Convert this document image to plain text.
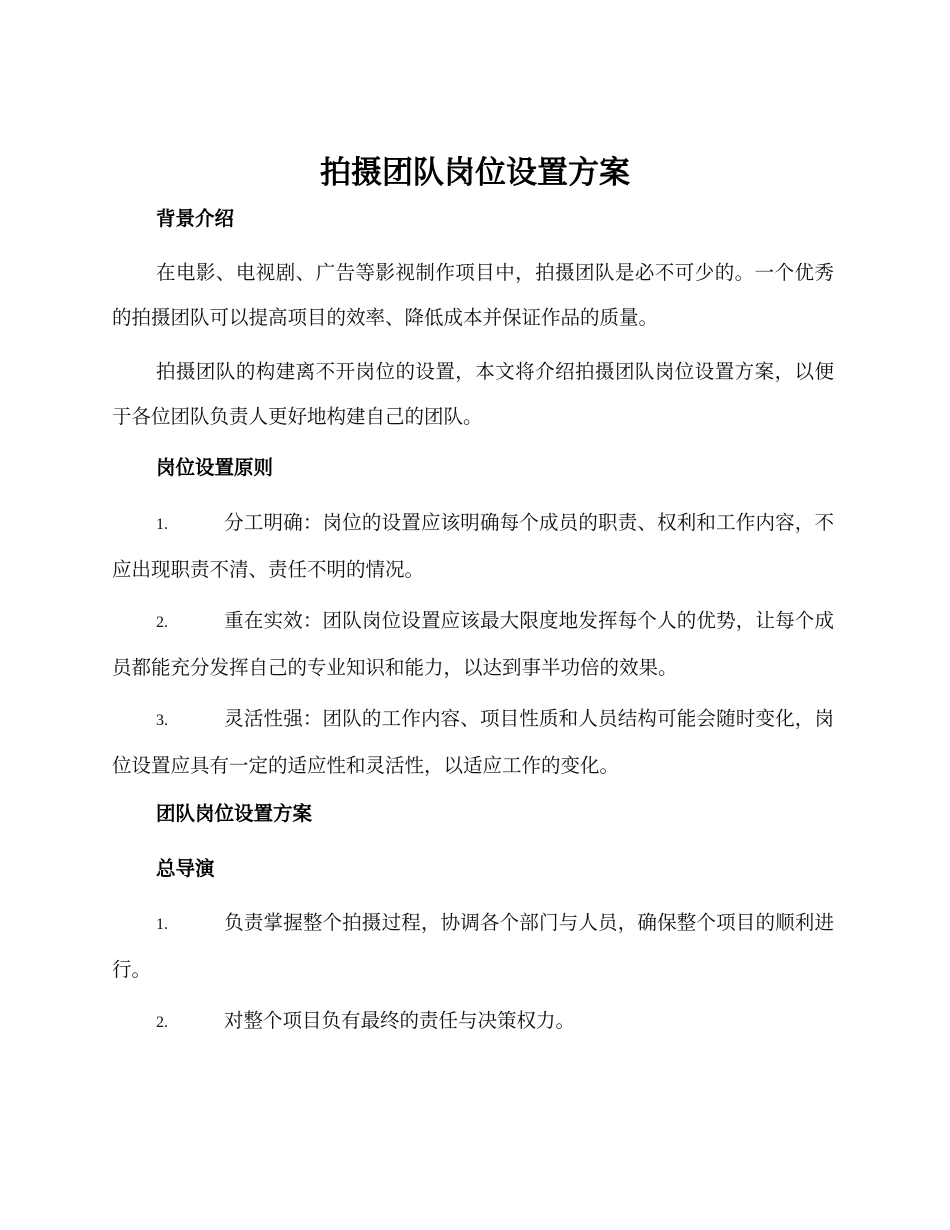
拍摄团队岗位设置方案
背景介绍
在电影、电视剧、广告等影视制作项目中，拍摄团队是必不可少的。一个优秀的拍摄团队可以提高项目的效率、降低成本并保证作品的质量。
拍摄团队的构建离不开岗位的设置，本文将介绍拍摄团队岗位设置方案，以便于各位团队负责人更好地构建自己的团队。
岗位设置原则
1.	分工明确：岗位的设置应该明确每个成员的职责、权利和工作内容，不应出现职责不清、责任不明的情况。
2.	重在实效：团队岗位设置应该最大限度地发挥每个人的优势，让每个成员都能充分发挥自己的专业知识和能力，以达到事半功倍的效果。
3.	灵活性强：团队的工作内容、项目性质和人员结构可能会随时变化，岗位设置应具有一定的适应性和灵活性，以适应工作的变化。
团队岗位设置方案
总导演
1.	负责掌握整个拍摄过程，协调各个部门与人员，确保整个项目的顺利进行。
2.	对整个项目负有最终的责任与决策权力。
